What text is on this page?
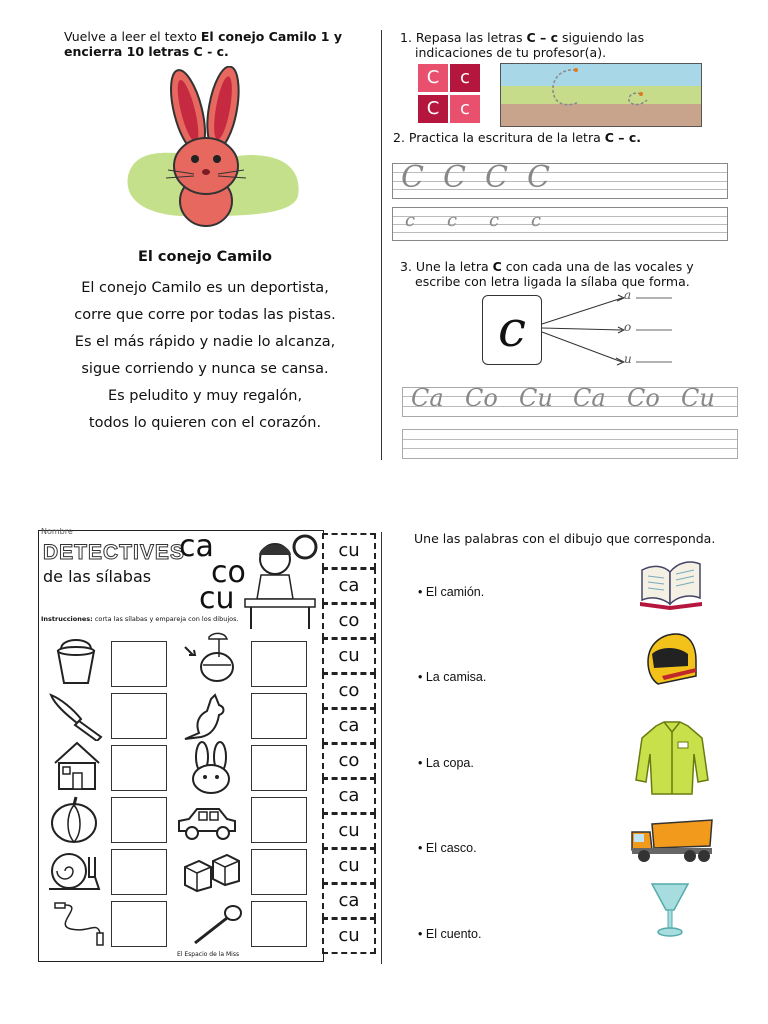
Vuelve a leer el texto El conejo Camilo 1 y
encierra 10 letras C - c.
El conejo Camilo
El conejo Camilo es un deportista,
corre que corre por todas las pistas.
Es el más rápido y nadie lo alcanza,
sigue corriendo y nunca se cansa.
Es peludito y muy regalón,
todos lo quieren con el corazón.
1. Repasa las letras C – c siguiendo las
indicaciones de tu profesor(a).
C	c
C	c
2. Practica la escritura de la letra C – c.
C C C C
c c c c
3. Une la letra C con cada una de las vocales y
escribe con letra ligada la sílaba que forma.
c
a
o
u
Ca Co Cu Ca Co Cu
Nombre
DETECTIVES
de las sílabas
ca
co
cu
Instrucciones: corta las sílabas y empareja con los dibujos.
El Espacio de la Miss
cu
ca
co
cu
co
ca
co
ca
cu
cu
ca
cu
Une las palabras con el dibujo que corresponda.
• El camión.
• La camisa.
• La copa.
• El casco.
• El cuento.
